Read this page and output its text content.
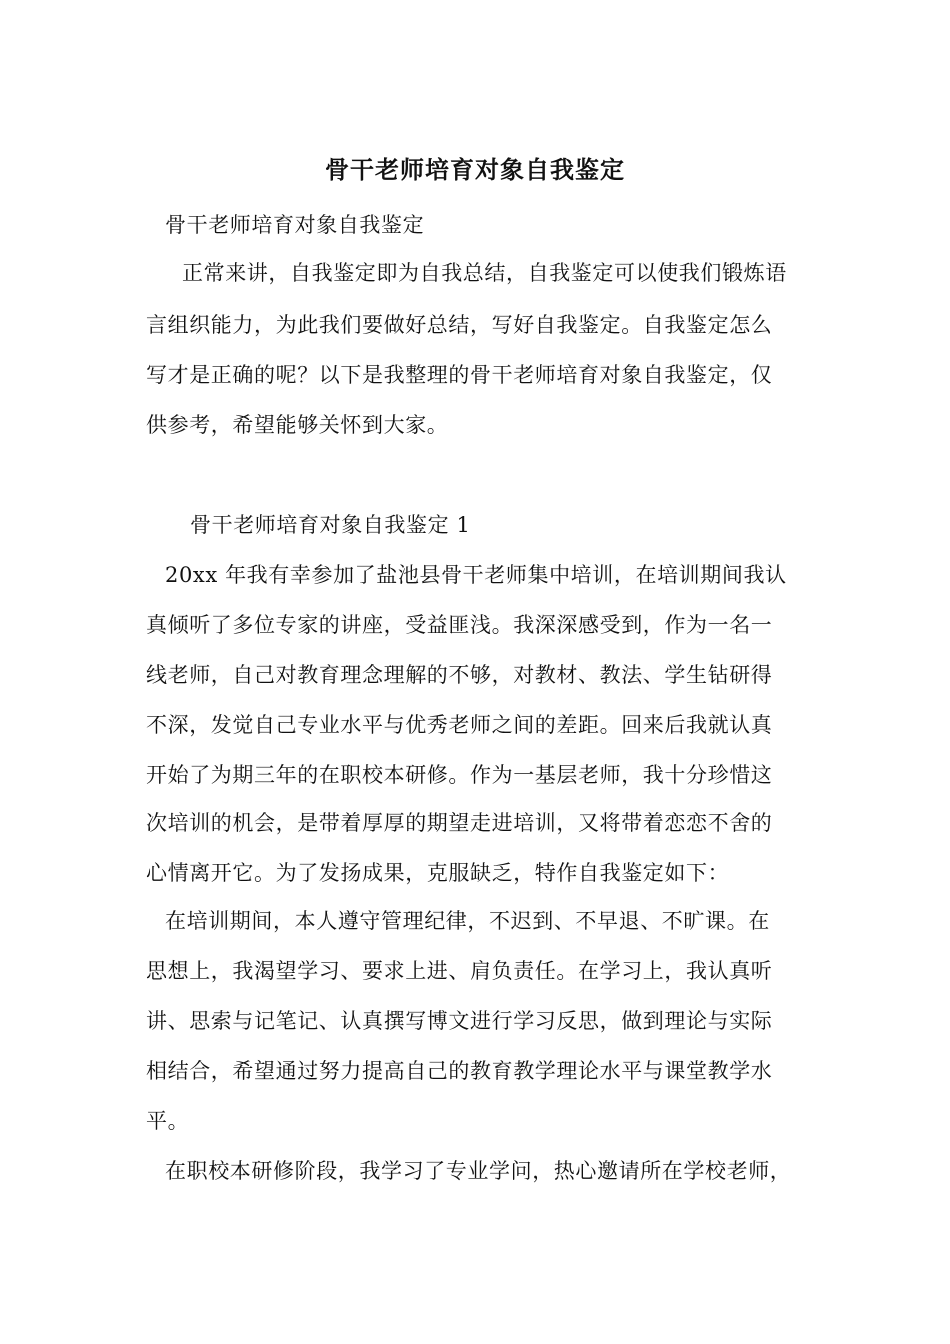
骨干老师培育对象自我鉴定
骨干老师培育对象自我鉴定
正常来讲，自我鉴定即为自我总结，自我鉴定可以使我们锻炼语
言组织能力，为此我们要做好总结，写好自我鉴定。自我鉴定怎么
写才是正确的呢？以下是我整理的骨干老师培育对象自我鉴定，仅
供参考，希望能够关怀到大家。
骨干老师培育对象自我鉴定 1
20xx 年我有幸参加了盐池县骨干老师集中培训，在培训期间我认
真倾听了多位专家的讲座，受益匪浅。我深深感受到，作为一名一
线老师，自己对教育理念理解的不够，对教材、教法、学生钻研得
不深，发觉自己专业水平与优秀老师之间的差距。回来后我就认真
开始了为期三年的在职校本研修。作为一基层老师，我十分珍惜这
次培训的机会，是带着厚厚的期望走进培训，又将带着恋恋不舍的
心情离开它。为了发扬成果，克服缺乏，特作自我鉴定如下：
在培训期间，本人遵守管理纪律，不迟到、不早退、不旷课。在
思想上，我渴望学习、要求上进、肩负责任。在学习上，我认真听
讲、思索与记笔记、认真撰写博文进行学习反思，做到理论与实际
相结合，希望通过努力提高自己的教育教学理论水平与课堂教学水
平。
在职校本研修阶段，我学习了专业学问，热心邀请所在学校老师，
